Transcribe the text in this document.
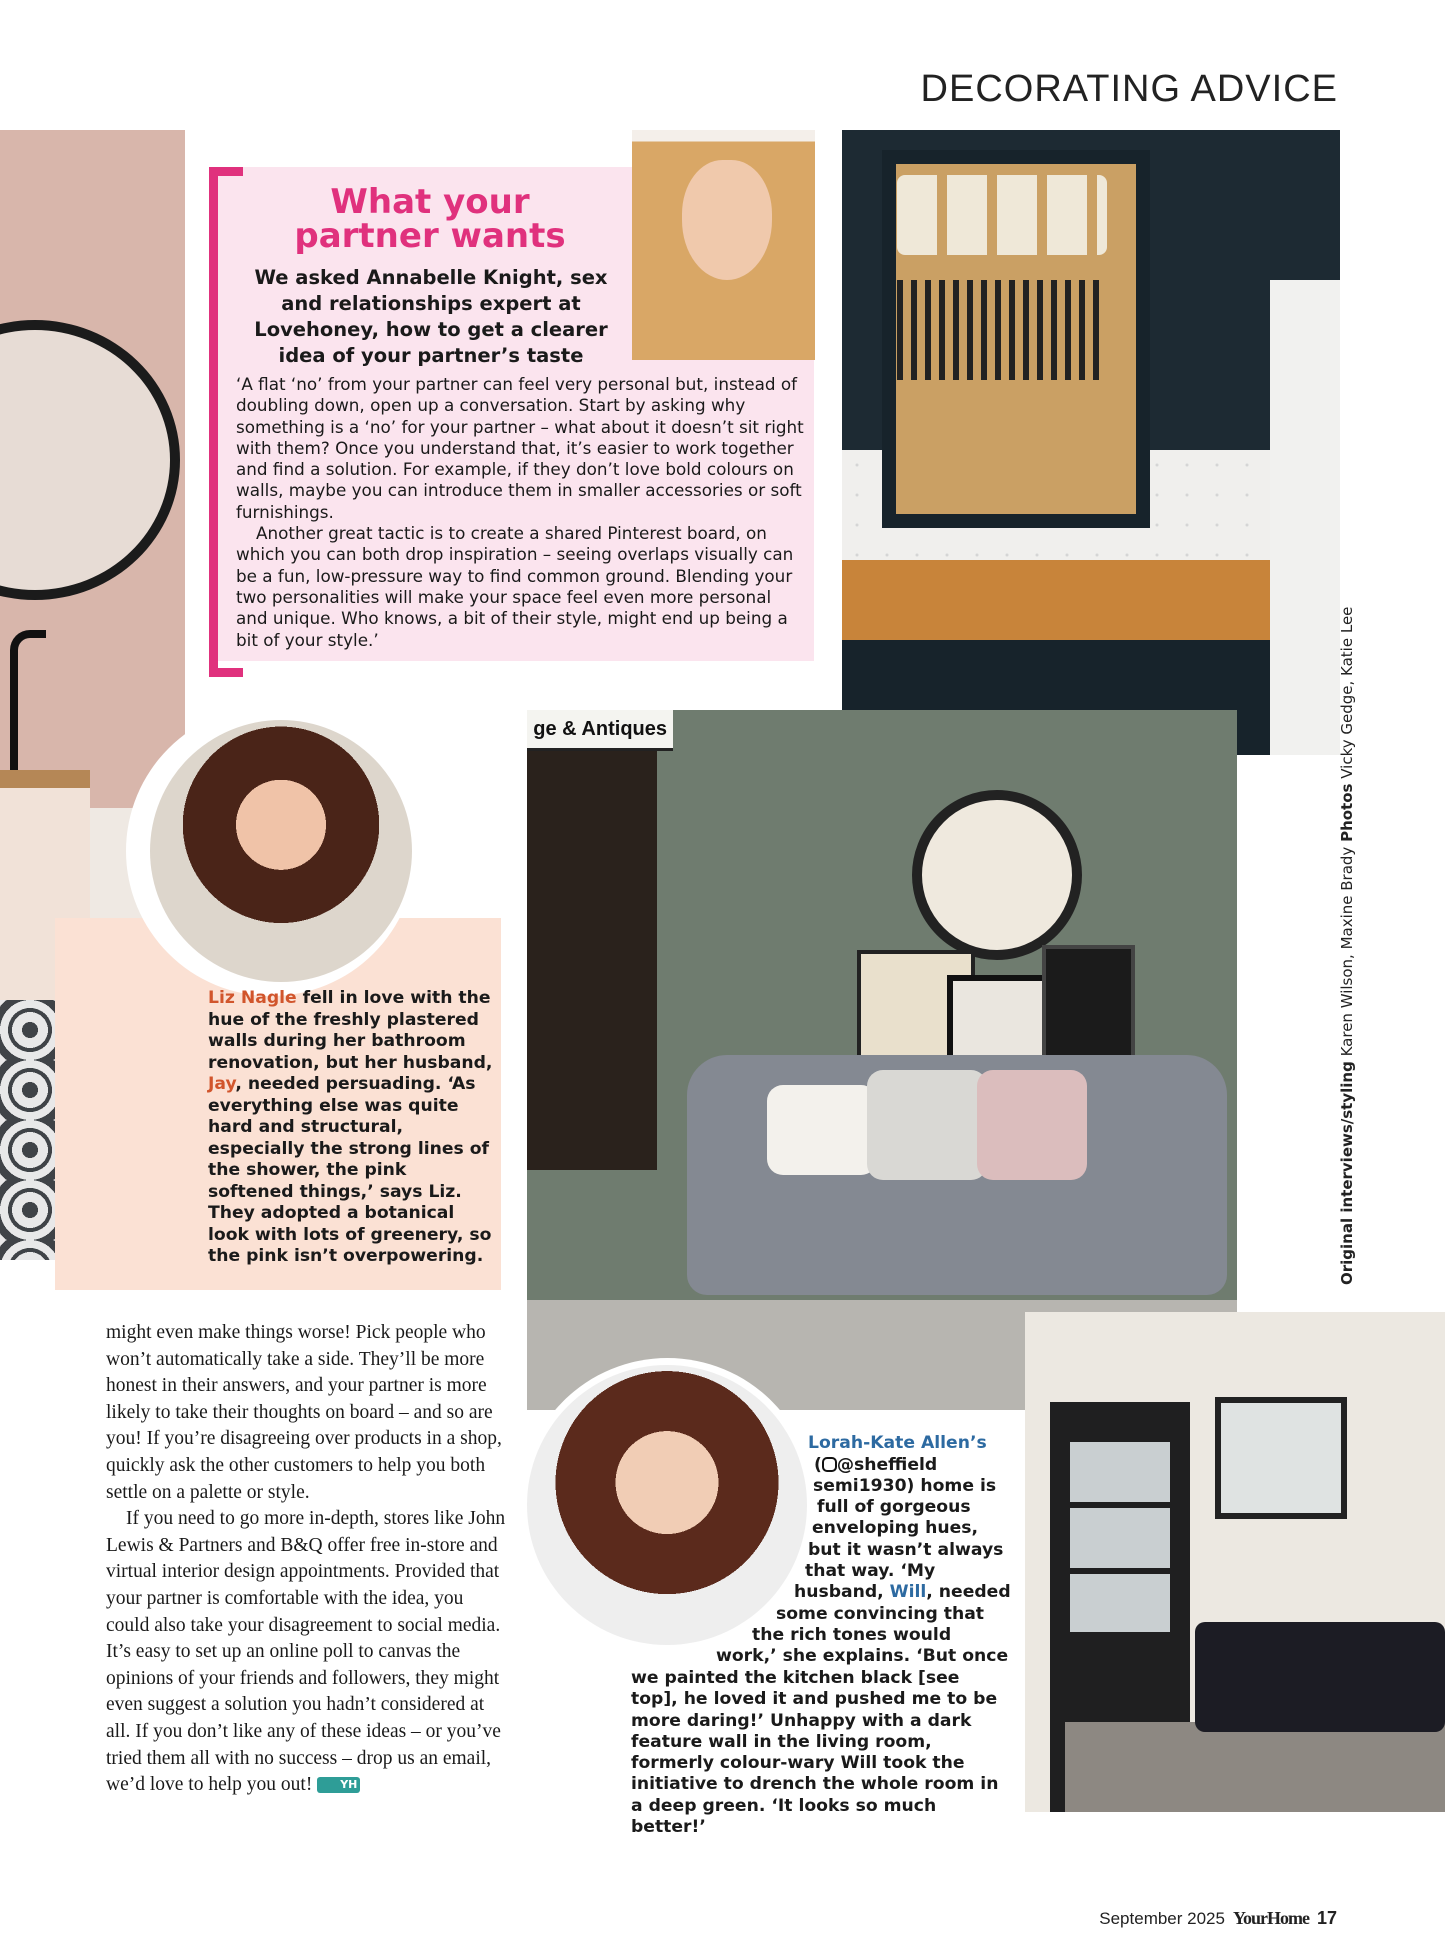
DECORATING ADVICE
ge & Antiques
What your partner wants
We asked Annabelle Knight, sex and relationships expert at Lovehoney, how to get a clearer idea of your partner’s taste

‘A flat ‘no’ from your partner can feel very personal but, instead of doubling down, open up a conversation. Start by asking why something is a ‘no’ for your partner – what about it doesn’t sit right with them? Once you understand that, it’s easier to work together and find a solution. For example, if they don’t love bold colours on walls, maybe you can introduce them in smaller accessories or soft furnishings.

Another great tactic is to create a shared Pinterest board, on which you can both drop inspiration – seeing overlaps visually can be a fun, low-pressure way to find common ground. Blending your two personalities will make your space feel even more personal and unique. Who knows, a bit of their style, might end up being a bit of your style.’

Liz Nagle fell in love with the hue of the freshly plastered walls during her bathroom renovation, but her husband, Jay, needed persuading. ‘As everything else was quite hard and structural, especially the strong lines of the shower, the pink softened things,’ says Liz. They adopted a botanical look with lots of greenery, so the pink isn’t overpowering.
Lorah-Kate Allen’s
( @sheffield
semi1930) home is
full of gorgeous
enveloping hues,
but it wasn’t always
that way. ‘My
husband, Will, needed
some convincing that
the rich tones would
work,’ she explains. ‘But once
we painted the kitchen black [see top], he loved it and pushed me to be more daring!’ Unhappy with a dark feature wall in the living room, formerly colour-wary Will took the initiative to drench the whole room in a deep green. ‘It looks so much better!’

might even make things worse! Pick people who won’t automatically take a side. They’ll be more honest in their answers, and your partner is more likely to take their thoughts on board – and so are you! If you’re disagreeing over products in a shop, quickly ask the other customers to help you both settle on a palette or style.

If you need to go more in-depth, stores like John Lewis & Partners and B&Q offer free in-store and virtual interior design appointments. Provided that your partner is comfortable with the idea, you could also take your disagreement to social media. It’s easy to set up an online poll to canvas the opinions of your friends and followers, they might even suggest a solution you hadn’t considered at all. If you don’t like any of these ideas – or you’ve tried them all with no success – drop us an email, we’d love to help you out!	YH

Original interviews/styling Karen Wilson, Maxine Brady Photos Vicky Gedge, Katie Lee
September 2025 YourHome 17
